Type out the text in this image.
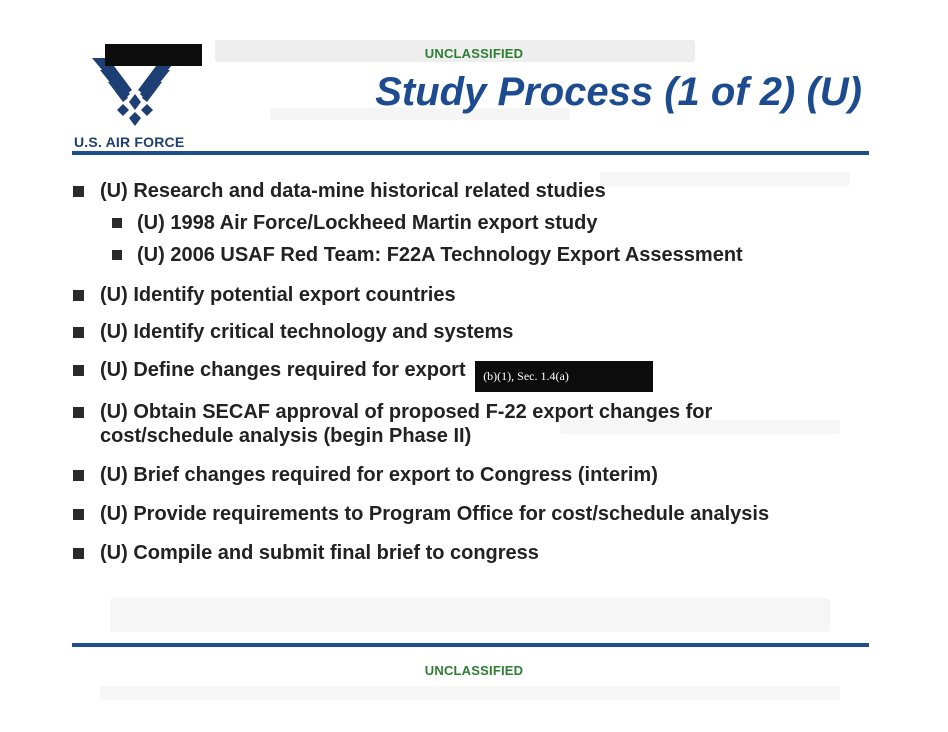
UNCLASSIFIED
U.S. AIR FORCE
Study Process (1 of 2) (U)
(U) Research and data-mine historical related studies
(U) 1998 Air Force/Lockheed Martin export study
(U) 2006 USAF Red Team: F22A Technology Export Assessment
(U) Identify potential export countries
(U) Identify critical technology and systems
(U) Define changes required for export (b)(1), Sec. 1.4(a)
(U) Obtain SECAF approval of proposed F-22 export changes for
cost/schedule analysis (begin Phase II)
(U) Brief changes required for export to Congress (interim)
(U) Provide requirements to Program Office for cost/schedule analysis
(U) Compile and submit final brief to congress
UNCLASSIFIED
